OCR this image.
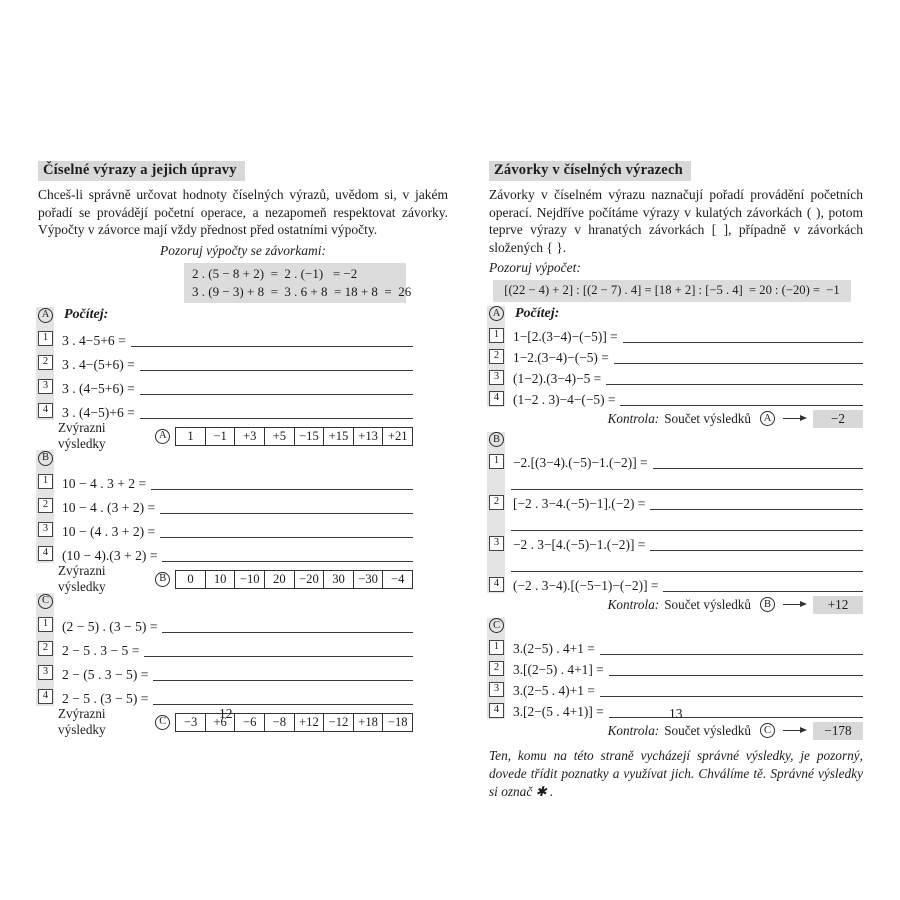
Číselné výrazy a jejich úpravy
Chceš-li správně určovat hodnoty číselných výrazů, uvědom si, v jakém pořadí se provádějí početní operace, a nezapomeň respektovat závorky. Výpočty v závorce mají vždy přednost před ostatními výpočty.
Pozoruj výpočty se závorkami:
2 . (5 − 8 + 2)  =  2 . (−1)   = −2
3 . (9 − 3) + 8  =  3 . 6 + 8  = 18 + 8  =  26
A Počítej:
1	3 . 4−5+6 =
2	3 . 4−(5+6) =
3	3 . (4−5+6) =
4	3 . (4−5)+6 =
Zvýrazni výsledky
A	1	−1	+3	+5	−15 +15 +13 +21
B
1	10 − 4 . 3 + 2 =
2	10 − 4 . (3 + 2) =
3	10 − (4 . 3 + 2) =
4	(10 − 4).(3 + 2) =
Zvýrazni výsledky
B	0	10	−10	20	−20	30	−30	−4
C
1	(2 − 5) . (3 − 5) =
2	2 − 5 . 3 − 5 =
3	2 − (5 . 3 − 5) =
4	2 − 5 . (3 − 5) =
Zvýrazni výsledky
C	−3	+6	−6	−8	+12 −12 +18 −18
Závorky v číselných výrazech
Závorky v číselném výrazu naznačují pořadí provádění početních operací. Nejdříve počítáme výrazy v kulatých závorkách ( ), potom teprve výrazy v hranatých závorkách [ ], případně v závorkách složených { }.
Pozoruj výpočet:
[(22 − 4) + 2] : [(2 − 7) . 4] = [18 + 2] : [−5 . 4]  = 20 : (−20) =  −1
A Počítej:
1	1−[2.(3−4)−(−5)] =
2	1−2.(3−4)−(−5) =
3	(1−2).(3−4)−5 =
4	(1−2 . 3)−4−(−5) =
Kontrola: Součet výsledků	A	−2
B
1	−2.[(3−4).(−5)−1.(−2)] =
2	[−2 . 3−4.(−5)−1].(−2) =
3	−2 . 3−[4.(−5)−1.(−2)] =
4	(−2 . 3−4).[(−5−1)−(−2)] =
Kontrola: Součet výsledků	B	+12
C
1	3.(2−5) . 4+1 =
2	3.[(2−5) . 4+1] =
3	3.(2−5 . 4)+1 =
4	3.[2−(5 . 4+1)] =
Kontrola: Součet výsledků	C	−178
Ten, komu na této straně vycházejí správné výsledky, je pozorný, dovede třídit poznatky a využívat jich. Chválíme tě. Správné výsledky si označ ✱ .
12	13
